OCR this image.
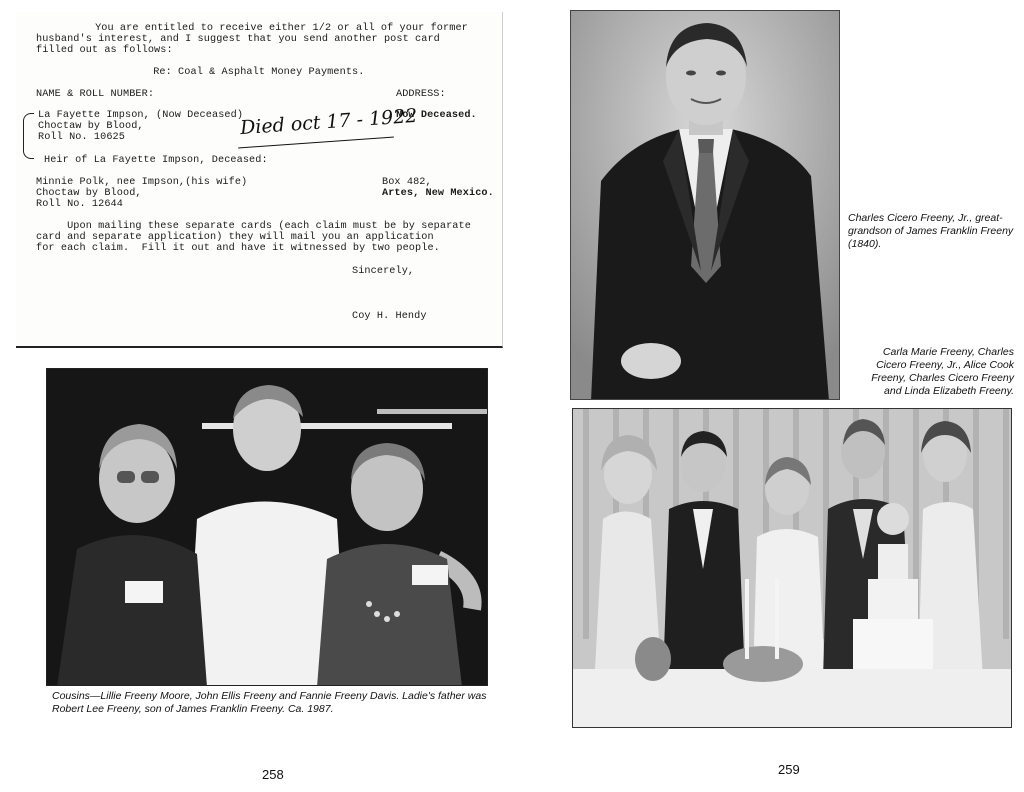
You are entitled to receive either 1/2 or all of your former
husband's interest, and I suggest that you send another post card
filled out as follows:
Re: Coal & Asphalt Money Payments.
NAME & ROLL NUMBER:	ADDRESS:
La Fayette Impson, (Now Deceased)	Now Deceased.
Choctaw by Blood,
Roll No. 10625	Died oct 17 - 1922
Heir of La Fayette Impson, Deceased:
Minnie Polk, nee Impson,(his wife)	Box 482,
Choctaw by Blood,	Artes, New Mexico.
Roll No. 12644
Upon mailing these separate cards (each claim must be by separate
card and separate application) they will mail you an application
for each claim.  Fill it out and have it witnessed by two people.
Sincerely,
Coy H. Hendy
Charles Cicero Freeny, Jr., great-grandson of James Franklin Freeny (1840).
Carla Marie Freeny, Charles Cicero Freeny, Jr., Alice Cook Freeny, Charles Cicero Freeny and Linda Elizabeth Freeny.
Cousins—Lillie Freeny Moore, John Ellis Freeny and Fannie Freeny Davis. Ladie's father was Robert Lee Freeny, son of James Franklin Freeny. Ca. 1987.
258	259
